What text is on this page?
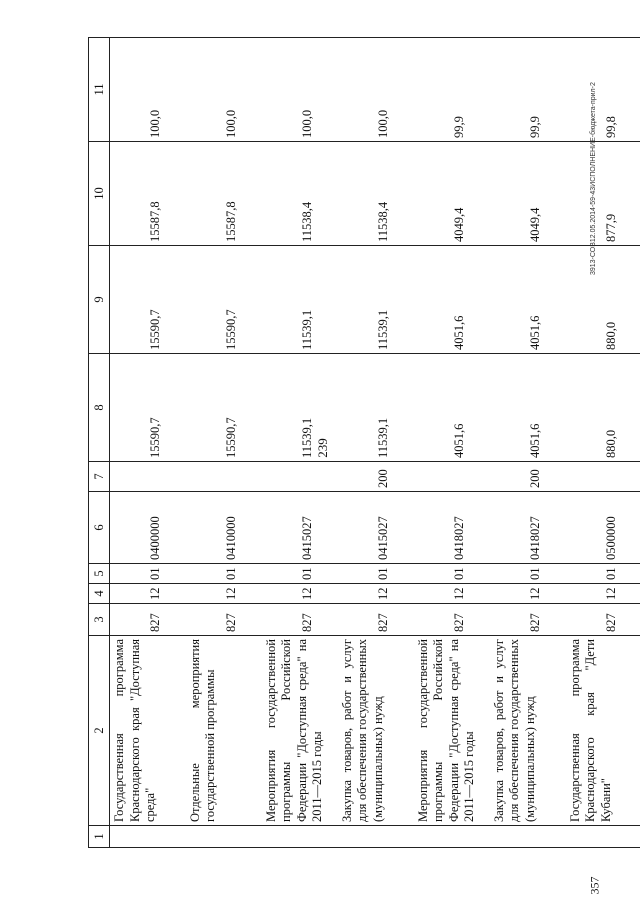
239
357
3913-СОВ12.05.2014-59-43ИСПОЛНЕНИЕ-бюджета-прил-2
1	2	3	4	5	6	7	8	9	10	11
	Государственная программа Краснодарского края "Доступная среда"	827	12	01	0400000		15590,7	15590,7	15587,8	100,0
	Отдельные мероприятия государственной программы	827	12	01	0410000		15590,7	15590,7	15587,8	100,0
	Мероприятия государственной программы Российской Федерации "Доступная среда" на 2011—2015 годы	827	12	01	0415027		11539,1	11539,1	11538,4	100,0
	Закупка товаров, работ и услуг для обеспечения государственных (муниципальных) нужд	827	12	01	0415027	200	11539,1	11539,1	11538,4	100,0
	Мероприятия государственной программы Российской Федерации "Доступная среда" на 2011—2015 годы	827	12	01	0418027		4051,6	4051,6	4049,4	99,9
	Закупка товаров, работ и услуг для обеспечения государственных (муниципальных) нужд	827	12	01	0418027	200	4051,6	4051,6	4049,4	99,9
	Государственная программа Краснодарского края "Дети Кубани"	827	12	01	0500000		880,0	880,0	877,9	99,8
